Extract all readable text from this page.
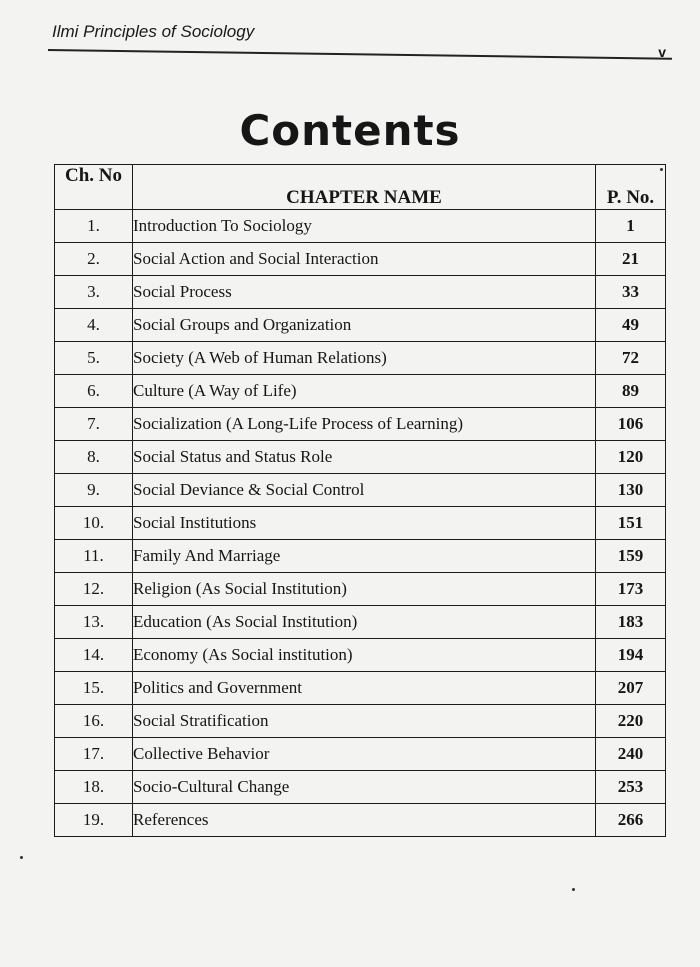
Ilmi Principles of Sociology
v
Contents
Ch. No	CHAPTER NAME	P. No.
1.	Introduction To Sociology	1
2.	Social Action and Social Interaction	21
3.	Social Process	33
4.	Social Groups and Organization	49
5.	Society (A Web of Human Relations)	72
6.	Culture (A Way of Life)	89
7.	Socialization (A Long-Life Process of Learning)	106
8.	Social Status and Status Role	120
9.	Social Deviance & Social Control	130
10.	Social Institutions	151
11.	Family And Marriage	159
12.	Religion (As Social Institution)	173
13.	Education (As Social Institution)	183
14.	Economy (As Social institution)	194
15.	Politics and Government	207
16.	Social Stratification	220
17.	Collective Behavior	240
18.	Socio-Cultural Change	253
19.	References	266
